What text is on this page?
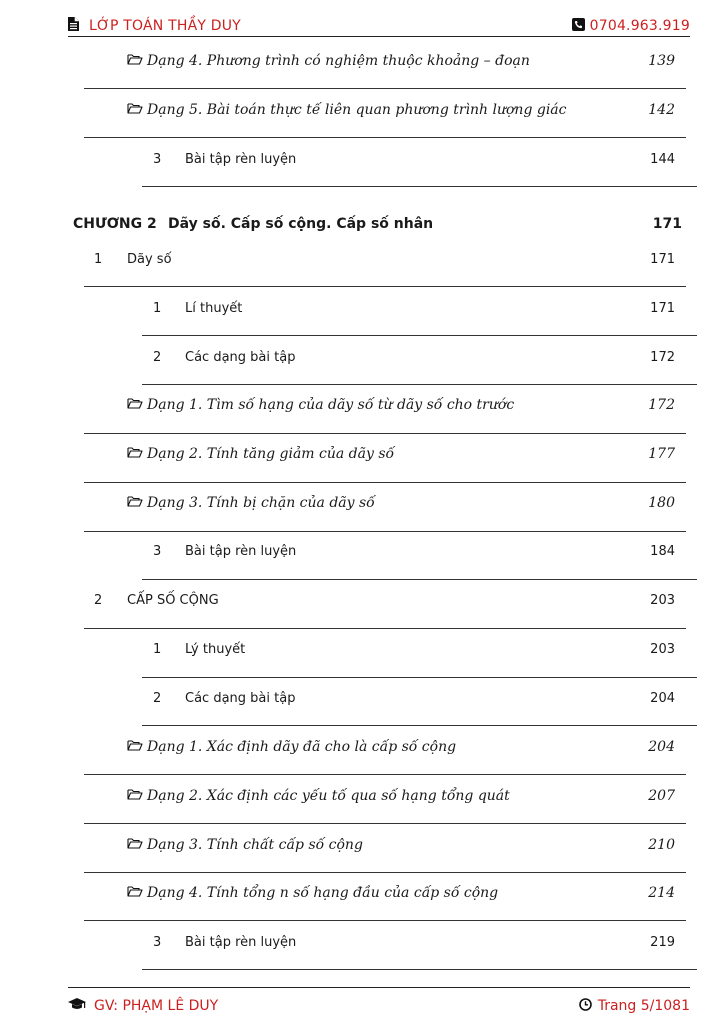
LỚP TOÁN THẦY DUY	0704.963.919
Dạng 4. Phương trình có nghiệm thuộc khoảng – đoạn	139
Dạng 5. Bài toán thực tế liên quan phương trình lượng giác	142
3 Bài tập rèn luyện	144
CHƯƠNG 2 Dãy số. Cấp số cộng. Cấp số nhân	171
1 Dãy số	171
1 Lí thuyết	171
2 Các dạng bài tập	172
Dạng 1. Tìm số hạng của dãy số từ dãy số cho trước	172
Dạng 2. Tính tăng giảm của dãy số	177
Dạng 3. Tính bị chặn của dãy số	180
3 Bài tập rèn luyện	184
2 CẤP SỐ CỘNG	203
1 Lý thuyết	203
2 Các dạng bài tập	204
Dạng 1. Xác định dãy đã cho là cấp số cộng	204
Dạng 2. Xác định các yếu tố qua số hạng tổng quát	207
Dạng 3. Tính chất cấp số cộng	210
Dạng 4. Tính tổng n số hạng đầu của cấp số cộng	214
3 Bài tập rèn luyện	219
GV: PHẠM LÊ DUY	Trang 5/1081
